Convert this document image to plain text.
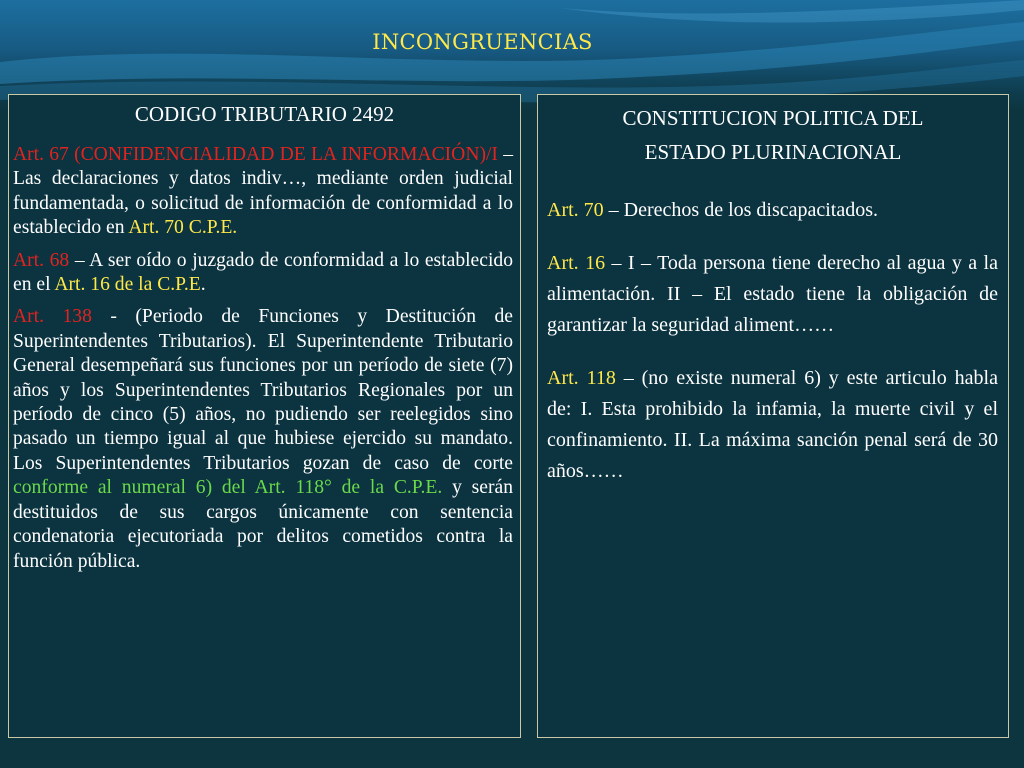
INCONGRUENCIAS
CODIGO TRIBUTARIO 2492

Art. 67 (CONFIDENCIALIDAD DE LA INFORMACIÓN)/I – Las declaraciones y datos indiv…, mediante orden judicial fundamentada, o solicitud de información de conformidad a lo establecido en Art. 70 C.P.E.

Art. 68 – A ser oído o juzgado de conformidad a lo establecido en el Art. 16 de la C.P.E.

Art. 138 - (Periodo de Funciones y Destitución de Superintendentes Tributarios). El Superintendente Tributario General desempeñará sus funciones por un período de siete (7) años y los Superintendentes Tributarios Regionales por un período de cinco (5) años, no pudiendo ser reelegidos sino pasado un tiempo igual al que hubiese ejercido su mandato. Los Superintendentes Tributarios gozan de caso de corte conforme al numeral 6) del Art. 118° de la C.P.E. y serán destituidos de sus cargos únicamente con sentencia condenatoria ejecutoriada por delitos cometidos contra la función pública.

CONSTITUCION POLITICA DEL
ESTADO PLURINACIONAL

Art. 70 – Derechos de los discapacitados.

Art. 16 – I – Toda persona tiene derecho al agua y a la alimentación. II – El estado tiene la obligación de garantizar la seguridad aliment……

Art. 118 – (no existe numeral 6) y este articulo habla de: I. Esta prohibido la infamia, la muerte civil y el confinamiento. II. La máxima sanción penal será de 30 años……
